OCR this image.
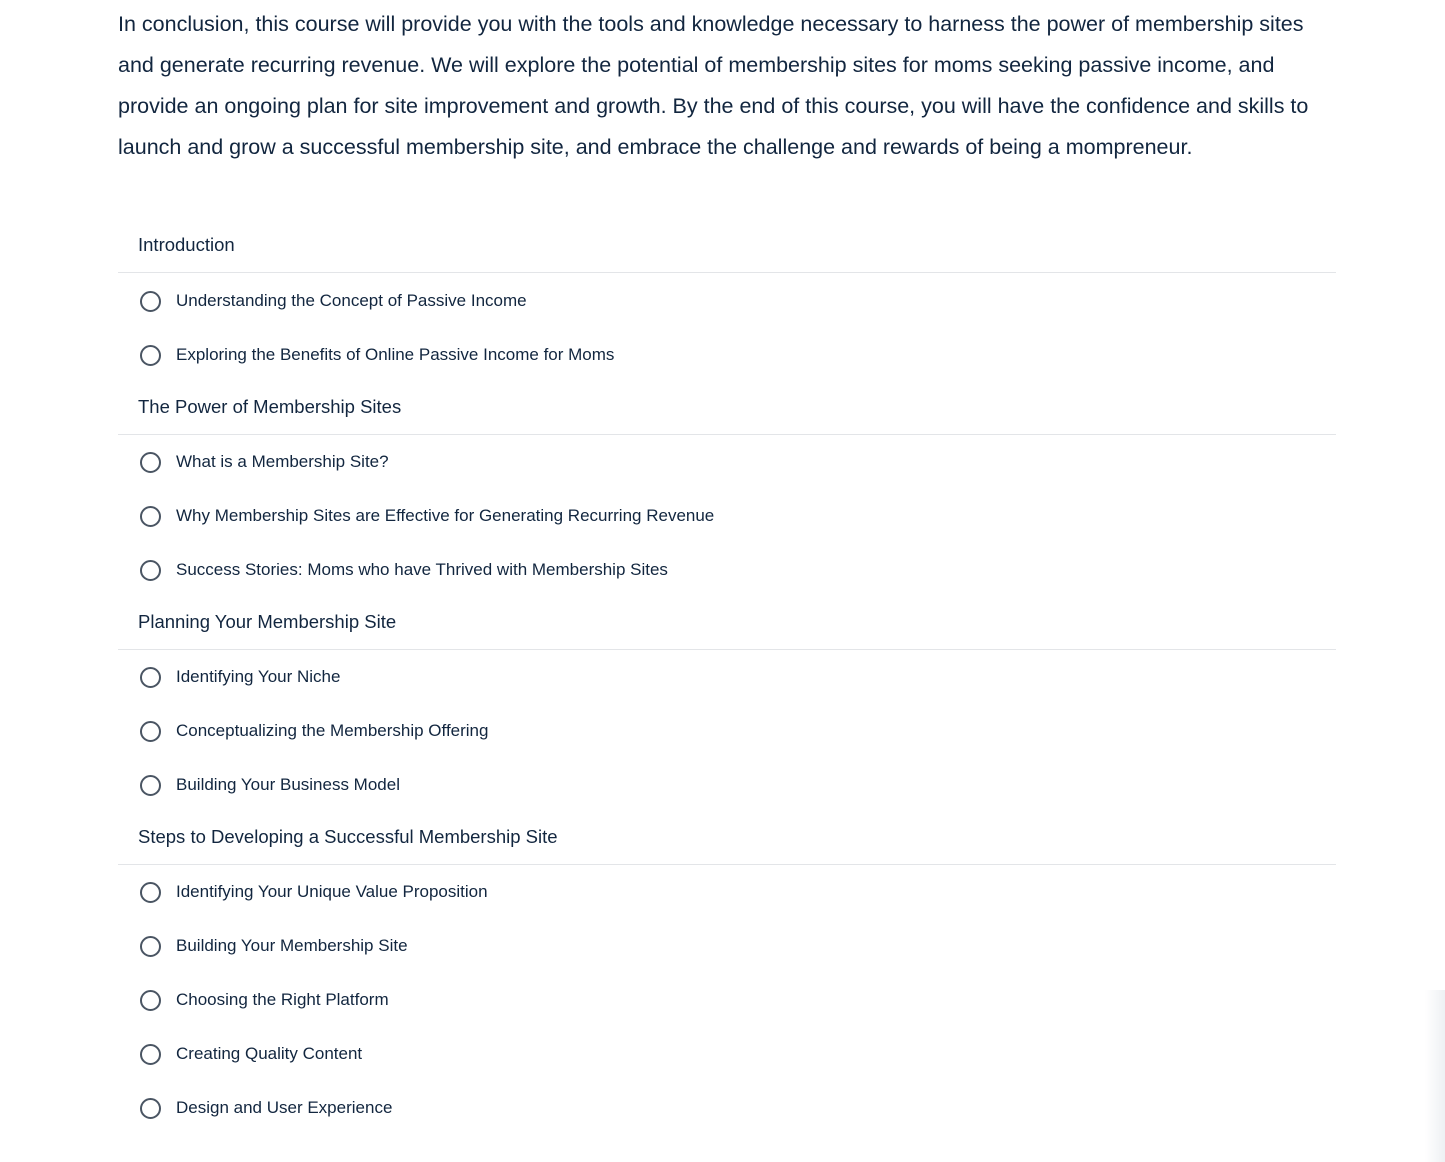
In conclusion, this course will provide you with the tools and knowledge necessary to harness the power of membership sites and generate recurring revenue. We will explore the potential of membership sites for moms seeking passive income, and provide an ongoing plan for site improvement and growth. By the end of this course, you will have the confidence and skills to launch and grow a successful membership site, and embrace the challenge and rewards of being a mompreneur.

Introduction
Understanding the Concept of Passive Income
Exploring the Benefits of Online Passive Income for Moms
The Power of Membership Sites
What is a Membership Site?
Why Membership Sites are Effective for Generating Recurring Revenue
Success Stories: Moms who have Thrived with Membership Sites
Planning Your Membership Site
Identifying Your Niche
Conceptualizing the Membership Offering
Building Your Business Model
Steps to Developing a Successful Membership Site
Identifying Your Unique Value Proposition
Building Your Membership Site
Choosing the Right Platform
Creating Quality Content
Design and User Experience
